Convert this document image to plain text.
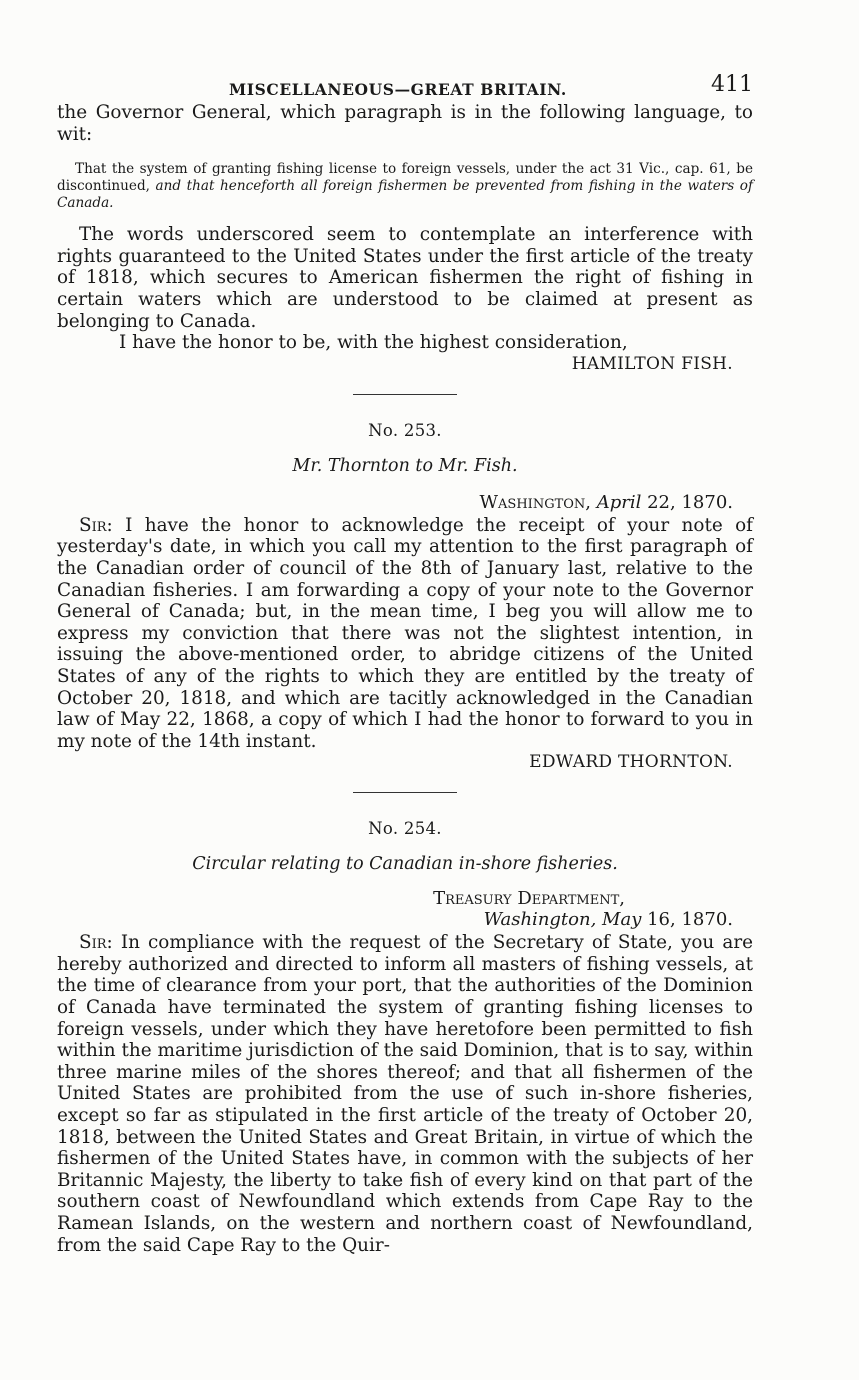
MISCELLANEOUS—GREAT BRITAIN.	411

the Governor General, which paragraph is in the following language, to wit:

That the system of granting fishing license to foreign vessels, under the act 31 Vic., cap. 61, be discontinued, and that henceforth all foreign fishermen be prevented from fishing in the waters of Canada.

The words underscored seem to contemplate an interference with rights guaranteed to the United States under the first article of the treaty of 1818, which secures to American fishermen the right of fishing in certain waters which are understood to be claimed at present as belonging to Canada.

I have the honor to be, with the highest consideration,

HAMILTON FISH.

No. 253.

Mr. Thornton to Mr. Fish.

Washington, April 22, 1870.

Sir: I have the honor to acknowledge the receipt of your note of yesterday's date, in which you call my attention to the first paragraph of the Canadian order of council of the 8th of January last, relative to the Canadian fisheries. I am forwarding a copy of your note to the Governor General of Canada; but, in the mean time, I beg you will allow me to express my conviction that there was not the slightest intention, in issuing the above-mentioned order, to abridge citizens of the United States of any of the rights to which they are entitled by the treaty of October 20, 1818, and which are tacitly acknowledged in the Canadian law of May 22, 1868, a copy of which I had the honor to forward to you in my note of the 14th instant.

EDWARD THORNTON.

No. 254.

Circular relating to Canadian in-shore fisheries.

Treasury Department,

Washington, May 16, 1870.

Sir: In compliance with the request of the Secretary of State, you are hereby authorized and directed to inform all masters of fishing vessels, at the time of clearance from your port, that the authorities of the Dominion of Canada have terminated the system of granting fishing licenses to foreign vessels, under which they have heretofore been permitted to fish within the maritime jurisdiction of the said Dominion, that is to say, within three marine miles of the shores thereof; and that all fishermen of the United States are prohibited from the use of such in-shore fisheries, except so far as stipulated in the first article of the treaty of October 20, 1818, between the United States and Great Britain, in virtue of which the fishermen of the United States have, in common with the subjects of her Britannic Majesty, the liberty to take fish of every kind on that part of the southern coast of Newfoundland which extends from Cape Ray to the Ramean Islands, on the western and northern coast of Newfoundland, from the said Cape Ray to the Quir-
